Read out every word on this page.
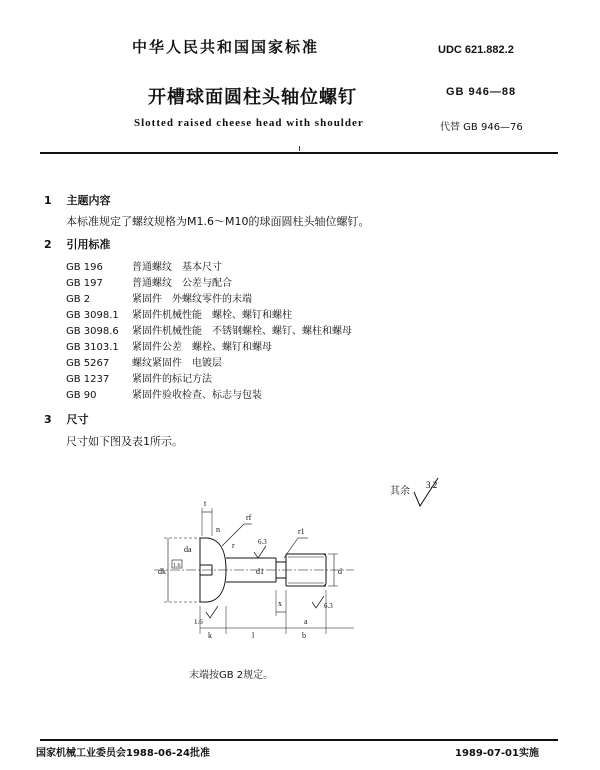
中华人民共和国国家标准	UDC 621.882.2
开槽球面圆柱头轴位螺钉	GB 946—88
Slotted raised cheese head with shoulder	代替 GB 946—76
1　 主题内容
本标准规定了螺纹规格为M1.6～M10的球面圆柱头轴位螺钉。
2　 引用标准
GB 196	普通螺纹　基本尺寸
GB 197	普通螺纹　公差与配合
GB 2	紧固件　外螺纹零件的末端
GB 3098.1 紧固件机械性能　螺栓、螺钉和螺柱
GB 3098.6 紧固件机械性能　不锈钢螺栓、螺钉、螺柱和螺母
GB 3103.1 紧固件公差　螺栓、螺钉和螺母
GB 5267 螺纹紧固件　电镀层
GB 1237 紧固件的标记方法
GB 90	紧固件验收检查、标志与包装
3　 尺寸
尺寸如下图及表1所示。
其余
3.2
t
rf
r1
n
dk
k	l	b
da
d1	d
x
a
r
1.6
6.3
6.3
1.6
末端按GB 2规定。
国家机械工业委员会1988-06-24批准	1989-07-01实施
